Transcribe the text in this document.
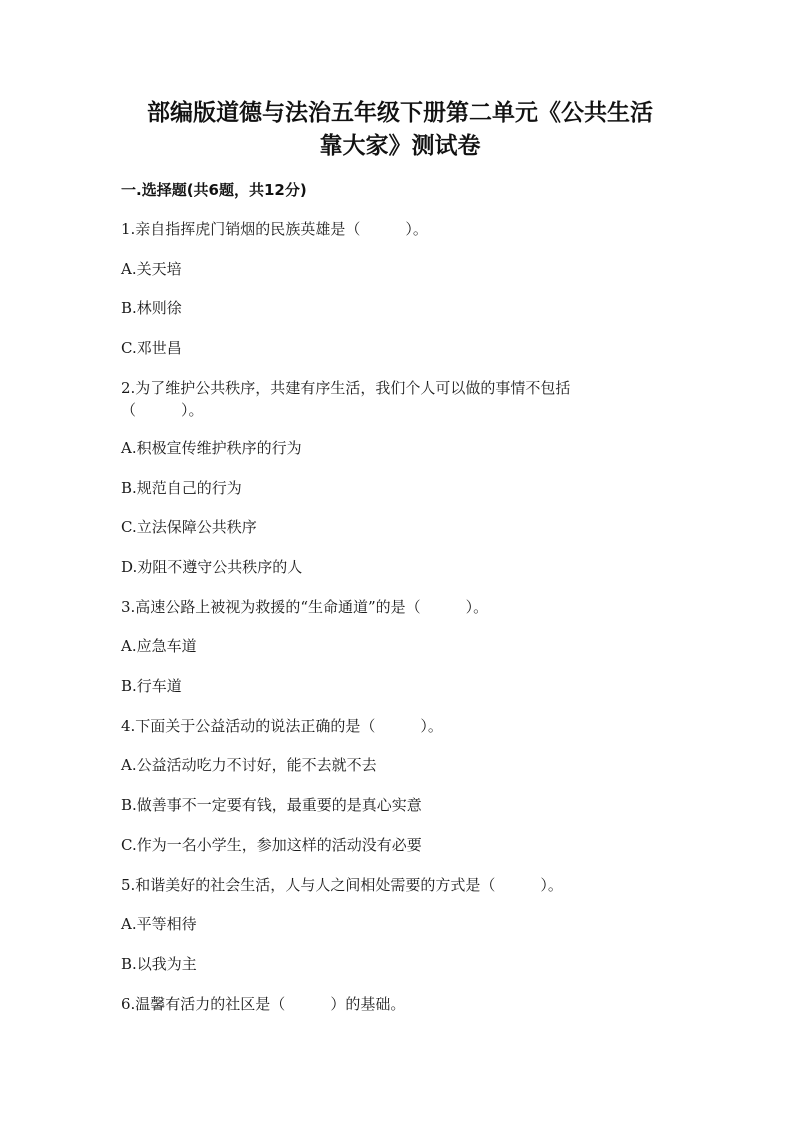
部编版道德与法治五年级下册第二单元《公共生活
靠大家》测试卷
一.选择题(共6题，共12分)
1.亲自指挥虎门销烟的民族英雄是（　　　）。
A.关天培
B.林则徐
C.邓世昌
2.为了维护公共秩序，共建有序生活，我们个人可以做的事情不包括
（　　　）。
A.积极宣传维护秩序的行为
B.规范自己的行为
C.立法保障公共秩序
D.劝阻不遵守公共秩序的人
3.高速公路上被视为救援的“生命通道”的是（　　　）。
A.应急车道
B.行车道
4.下面关于公益活动的说法正确的是（　　　）。
A.公益活动吃力不讨好，能不去就不去
B.做善事不一定要有钱，最重要的是真心实意
C.作为一名小学生，参加这样的活动没有必要
5.和谐美好的社会生活，人与人之间相处需要的方式是（　　　）。
A.平等相待
B.以我为主
6.温馨有活力的社区是（　　　）的基础。
